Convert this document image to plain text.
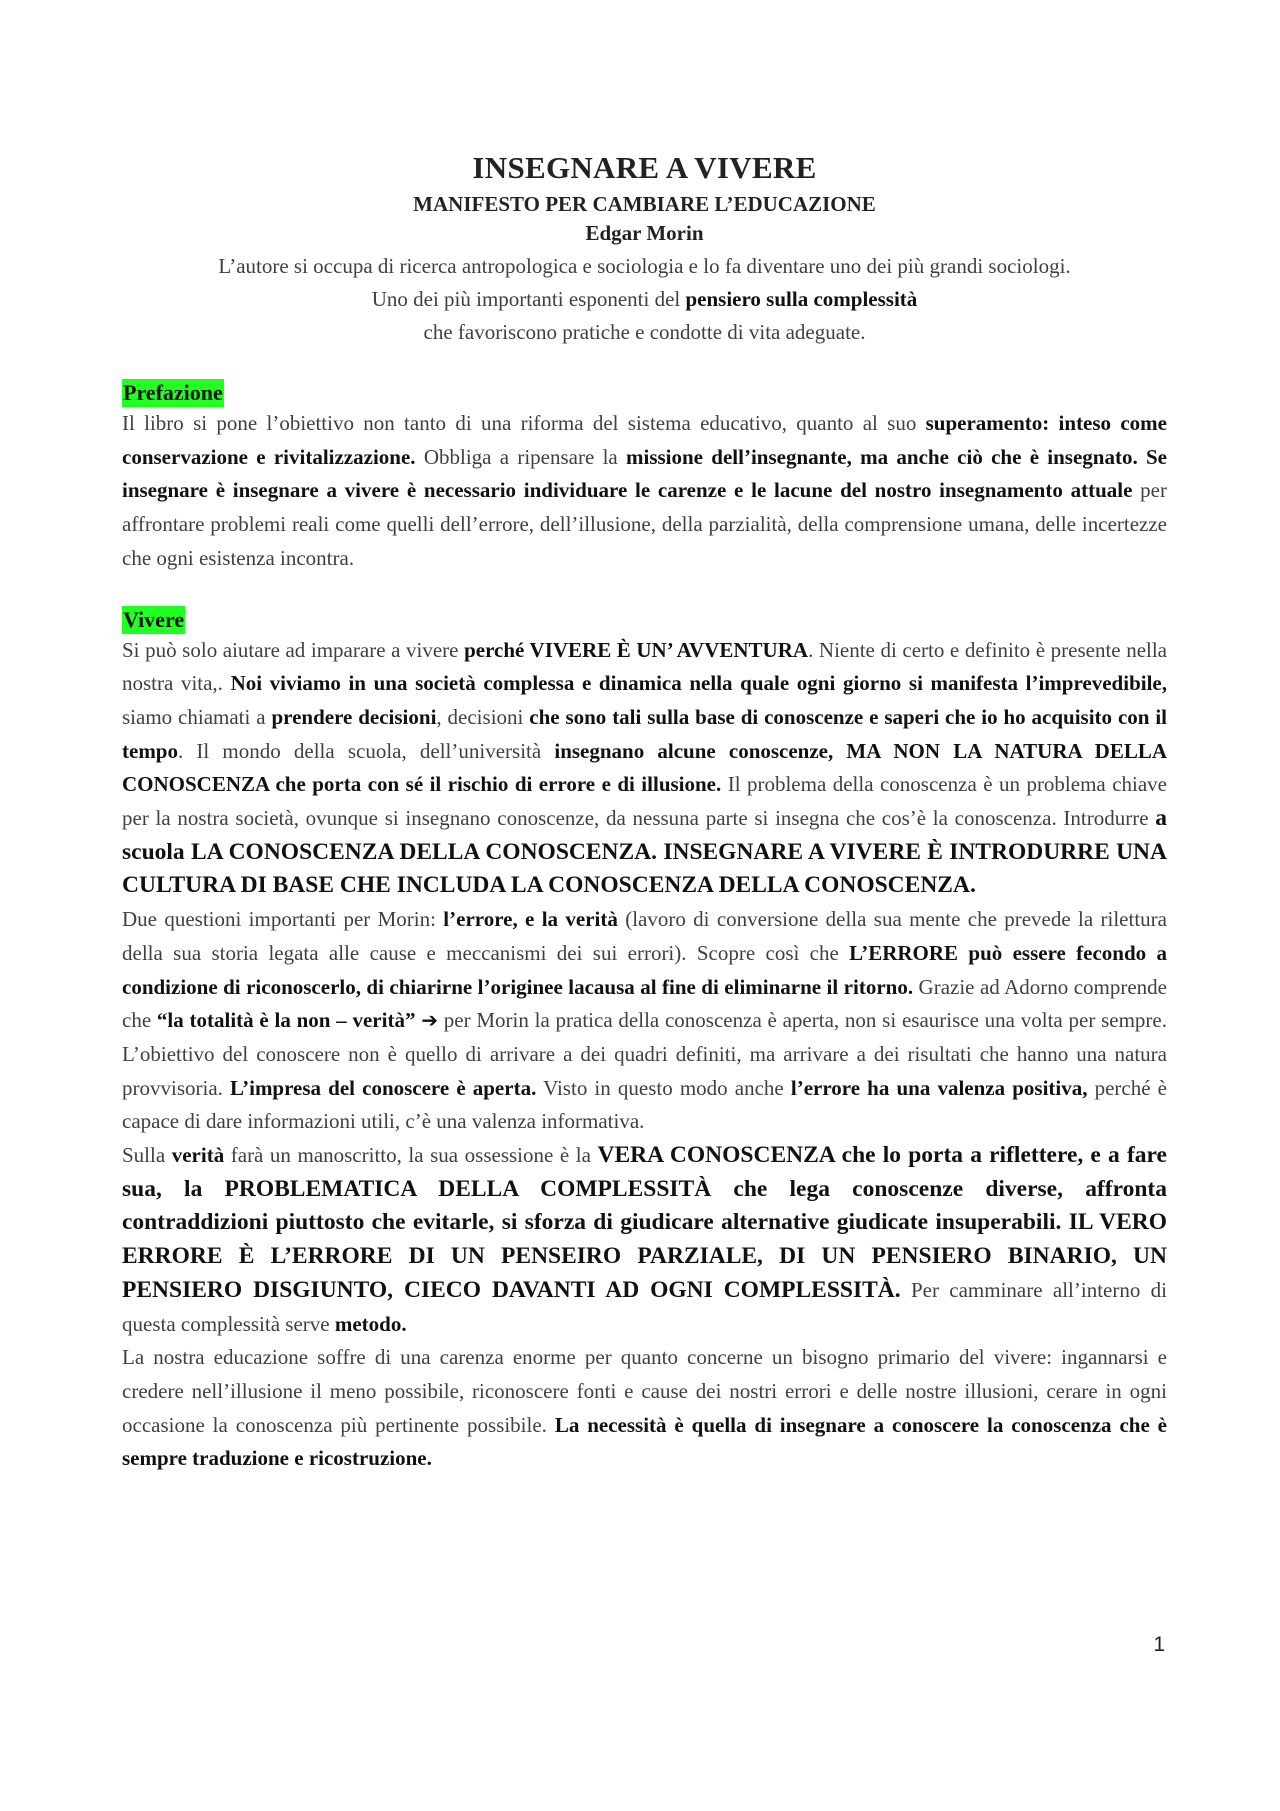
INSEGNARE A VIVERE
MANIFESTO PER CAMBIARE L’EDUCAZIONE
Edgar Morin
L’autore si occupa di ricerca antropologica e sociologia e lo fa diventare uno dei più grandi sociologi.
Uno dei più importanti esponenti del pensiero sulla complessità
che favoriscono pratiche e condotte di vita adeguate.
Prefazione

Il libro si pone l’obiettivo non tanto di una riforma del sistema educativo, quanto al suo superamento: inteso come conservazione e rivitalizzazione. Obbliga a ripensare la missione dell’insegnante, ma anche ciò che è insegnato. Se insegnare è insegnare a vivere è necessario individuare le carenze e le lacune del nostro insegnamento attuale per affrontare problemi reali come quelli dell’errore, dell’illusione, della parzialità, della comprensione umana, delle incertezze che ogni esistenza incontra.

Vivere

Si può solo aiutare ad imparare a vivere perché VIVERE È UN’ AVVENTURA. Niente di certo e definito è presente nella nostra vita,. Noi viviamo in una società complessa e dinamica nella quale ogni giorno si manifesta l’imprevedibile, siamo chiamati a prendere decisioni, decisioni che sono tali sulla base di conoscenze e saperi che io ho acquisito con il tempo. Il mondo della scuola, dell’università insegnano alcune conoscenze, MA NON LA NATURA DELLA CONOSCENZA che porta con sé il rischio di errore e di illusione. Il problema della conoscenza è un problema chiave per la nostra società, ovunque si insegnano conoscenze, da nessuna parte si insegna che cos’è la conoscenza. Introdurre a scuola LA CONOSCENZA DELLA CONOSCENZA. INSEGNARE A VIVERE È INTRODURRE UNA CULTURA DI BASE CHE INCLUDA LA CONOSCENZA DELLA CONOSCENZA.

Due questioni importanti per Morin: l’errore, e la verità (lavoro di conversione della sua mente che prevede la rilettura della sua storia legata alle cause e meccanismi dei sui errori). Scopre così che L’ERRORE può essere fecondo a condizione di riconoscerlo, di chiarirne l’originee lacausa al fine di eliminarne il ritorno. Grazie ad Adorno comprende che “la totalità è la non – verità” ➔ per Morin la pratica della conoscenza è aperta, non si esaurisce una volta per sempre. L’obiettivo del conoscere non è quello di arrivare a dei quadri definiti, ma arrivare a dei risultati che hanno una natura provvisoria. L’impresa del conoscere è aperta. Visto in questo modo anche l’errore ha una valenza positiva, perché è capace di dare informazioni utili, c’è una valenza informativa.

Sulla verità farà un manoscritto, la sua ossessione è la VERA CONOSCENZA che lo porta a riflettere, e a fare sua, la PROBLEMATICA DELLA COMPLESSITÀ che lega conoscenze diverse, affronta contraddizioni piuttosto che evitarle, si sforza di giudicare alternative giudicate insuperabili. IL VERO ERRORE È L’ERRORE DI UN PENSEIRO PARZIALE, DI UN PENSIERO BINARIO, UN PENSIERO DISGIUNTO, CIECO DAVANTI AD OGNI COMPLESSITÀ. Per camminare all’interno di questa complessità serve metodo.

La nostra educazione soffre di una carenza enorme per quanto concerne un bisogno primario del vivere: ingannarsi e credere nell’illusione il meno possibile, riconoscere fonti e cause dei nostri errori e delle nostre illusioni, cerare in ogni occasione la conoscenza più pertinente possibile. La necessità è quella di insegnare a conoscere la conoscenza che è sempre traduzione e ricostruzione.

1
